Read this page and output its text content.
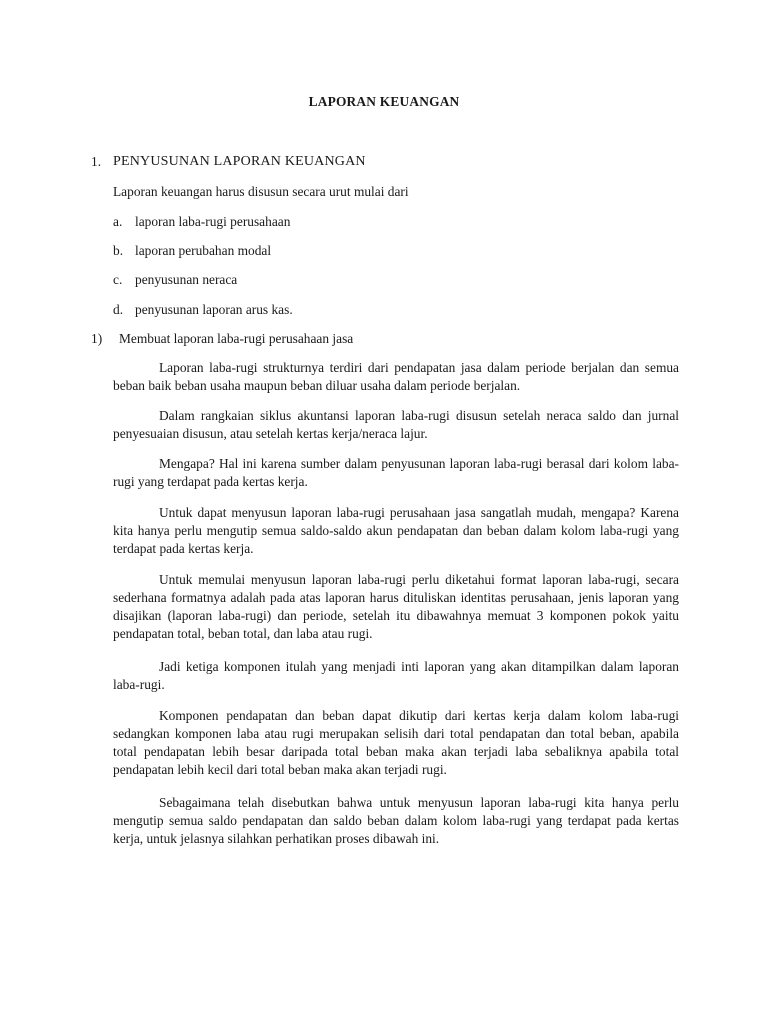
LAPORAN KEUANGAN
1. PENYUSUNAN LAPORAN KEUANGAN
Laporan keuangan harus disusun secara urut mulai dari
a. laporan laba-rugi perusahaan
b. laporan perubahan modal
c. penyusunan neraca
d. penyusunan laporan arus kas.
1) Membuat laporan laba-rugi perusahaan jasa

Laporan laba-rugi strukturnya terdiri dari pendapatan jasa dalam periode berjalan dan semua beban baik beban usaha maupun beban diluar usaha dalam periode berjalan.

Dalam rangkaian siklus akuntansi laporan laba-rugi disusun setelah neraca saldo dan jurnal penyesuaian disusun, atau setelah kertas kerja/neraca lajur.

Mengapa? Hal ini karena sumber dalam penyusunan laporan laba-rugi berasal dari kolom laba-rugi yang terdapat pada kertas kerja.

Untuk dapat menyusun laporan laba-rugi perusahaan jasa sangatlah mudah, mengapa? Karena kita hanya perlu mengutip semua saldo-saldo akun pendapatan dan beban dalam kolom laba-rugi yang terdapat pada kertas kerja.

Untuk memulai menyusun laporan laba-rugi perlu diketahui format laporan laba-rugi, secara sederhana formatnya adalah pada atas laporan harus dituliskan identitas perusahaan, jenis laporan yang disajikan (laporan laba-rugi) dan periode, setelah itu dibawahnya memuat 3 komponen pokok yaitu pendapatan total, beban total, dan laba atau rugi.

Jadi ketiga komponen itulah yang menjadi inti laporan yang akan ditampilkan dalam laporan laba-rugi.

Komponen pendapatan dan beban dapat dikutip dari kertas kerja dalam kolom laba-rugi sedangkan komponen laba atau rugi merupakan selisih dari total pendapatan dan total beban, apabila total pendapatan lebih besar daripada total beban maka akan terjadi laba sebaliknya apabila total pendapatan lebih kecil dari total beban maka akan terjadi rugi.

Sebagaimana telah disebutkan bahwa untuk menyusun laporan laba-rugi kita hanya perlu mengutip semua saldo pendapatan dan saldo beban dalam kolom laba-rugi yang terdapat pada kertas kerja, untuk jelasnya silahkan perhatikan proses dibawah ini.
